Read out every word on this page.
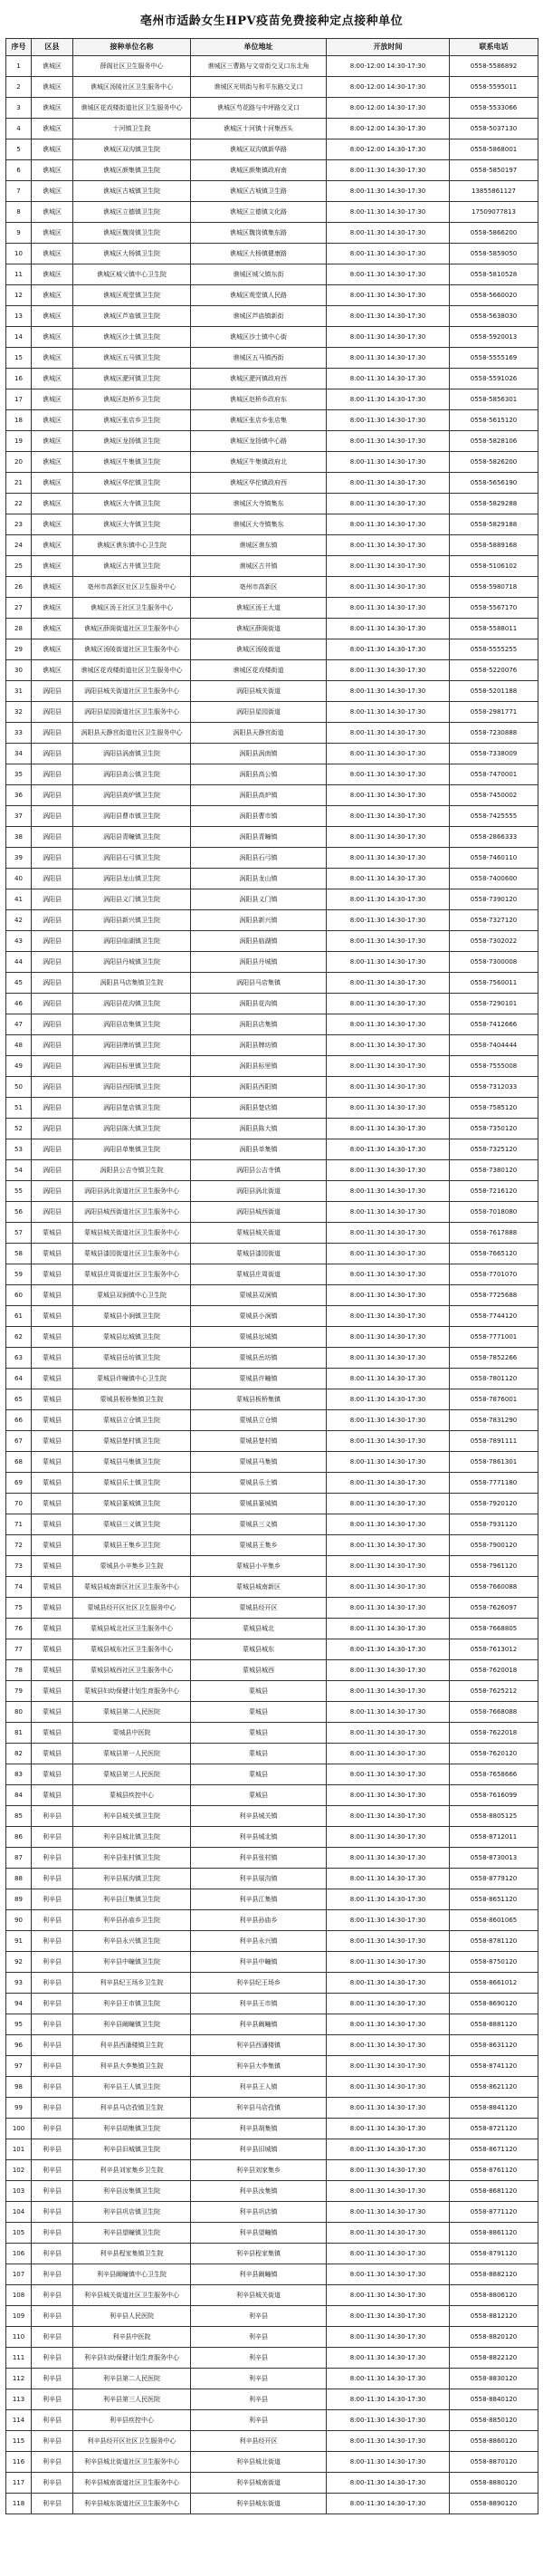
亳州市适龄女生HPV疫苗免费接种定点接种单位
序号	区县	接种单位名称	单位地址	开放时间	联系电话
1	谯城区	薛阁社区卫生服务中心	谯城区三曹路与文帝街交叉口东北角	8:00-12:00 14:30-17:30	0558-5586892
2	谯城区	谯城区汤陵社区卫生服务中心	谯城区光明街与和平东路交叉口	8:00-12:00 14:30-17:30	0558-5595011
3	谯城区	谯城区花戏楼街道社区卫生服务中心	谯城区芍花路与中坪路交叉口	8:00-12:00 14:30-17:30	0558-5533066
4	谯城区	十河镇卫生院	谯城区十河镇十河集西头	8:00-12:00 14:30-17:30	0558-5037130
5	谯城区	谯城区双沟镇卫生院	谯城区双沟镇新华路	8:00-12:00 14:30-17:30	0558-5868001
6	谯城区	谯城区颜集镇卫生院	谯城区颜集镇政府南	8:00-11:30 14:30-17:30	0558-5850197
7	谯城区	谯城区古城镇卫生院	谯城区古城镇卫生路	8:00-11:30 14:30-17:30	13855861127
8	谯城区	谯城区立德镇卫生院	谯城区立德镇文化路	8:00-11:30 14:30-17:30	17509077813
9	谯城区	谯城区魏岗镇卫生院	谯城区魏岗镇集东路	8:00-11:30 14:30-17:30	0558-5866200
10	谯城区	谯城区大杨镇卫生院	谯城区大杨镇健康路	8:00-11:30 14:30-17:30	0558-5859050
11	谯城区	谯城区城父镇中心卫生院	谯城区城父镇东街	8:00-11:30 14:30-17:30	0558-5810528
12	谯城区	谯城区观堂镇卫生院	谯城区观堂镇人民路	8:00-11:30 14:30-17:30	0558-5660020
13	谯城区	谯城区芦庙镇卫生院	谯城区芦庙镇新街	8:00-11:30 14:30-17:30	0558-5638030
14	谯城区	谯城区沙土镇卫生院	谯城区沙土镇中心街	8:00-11:30 14:30-17:30	0558-5920013
15	谯城区	谯城区五马镇卫生院	谯城区五马镇西街	8:00-11:30 14:30-17:30	0558-5555169
16	谯城区	谯城区淝河镇卫生院	谯城区淝河镇政府西	8:00-11:30 14:30-17:30	0558-5591026
17	谯城区	谯城区赵桥乡卫生院	谯城区赵桥乡政府东	8:00-11:30 14:30-17:30	0558-5856301
18	谯城区	谯城区张店乡卫生院	谯城区张店乡张店集	8:00-11:30 14:30-17:30	0558-5615120
19	谯城区	谯城区龙扬镇卫生院	谯城区龙扬镇中心路	8:00-11:30 14:30-17:30	0558-5828106
20	谯城区	谯城区牛集镇卫生院	谯城区牛集镇政府北	8:00-11:30 14:30-17:30	0558-5826200
21	谯城区	谯城区华佗镇卫生院	谯城区华佗镇政府西	8:00-11:30 14:30-17:30	0558-5656190
22	谯城区	谯城区大寺镇卫生院	谯城区大寺镇集东	8:00-11:30 14:30-17:30	0558-5829288
23	谯城区	谯城区大寺镇卫生院	谯城区大寺镇集东	8:00-11:30 14:30-17:30	0558-5829188
24	谯城区	谯城区谯东镇中心卫生院	谯城区谯东镇	8:00-11:30 14:30-17:30	0558-5889168
25	谯城区	谯城区古井镇卫生院	谯城区古井镇	8:00-11:30 14:30-17:30	0558-5106102
26	谯城区	亳州市高新区社区卫生服务中心	亳州市高新区	8:00-11:30 14:30-17:30	0558-5980718
27	谯城区	谯城区汤王社区卫生服务中心	谯城区汤王大道	8:00-11:30 14:30-17:30	0558-5567170
28	谯城区	谯城区薛阁街道社区卫生服务中心	谯城区薛阁街道	8:00-11:30 14:30-17:30	0558-5588011
29	谯城区	谯城区汤陵街道社区卫生服务中心	谯城区汤陵街道	8:00-11:30 14:30-17:30	0558-5555255
30	谯城区	谯城区花戏楼街道社区卫生服务中心	谯城区花戏楼街道	8:00-11:30 14:30-17:30	0558-5220076
31	涡阳县	涡阳县城关街道社区卫生服务中心	涡阳县城关街道	8:00-11:30 14:30-17:30	0558-5201188
32	涡阳县	涡阳县星园街道社区卫生服务中心	涡阳县星园街道	8:00-11:30 14:30-17:30	0558-2981771
33	涡阳县	涡阳县天静宫街道社区卫生服务中心	涡阳县天静宫街道	8:00-11:30 14:30-17:30	0558-7230888
34	涡阳县	涡阳县涡南镇卫生院	涡阳县涡南镇	8:00-11:30 14:30-17:30	0558-7338009
35	涡阳县	涡阳县高公镇卫生院	涡阳县高公镇	8:00-11:30 14:30-17:30	0558-7470001
36	涡阳县	涡阳县高炉镇卫生院	涡阳县高炉镇	8:00-11:30 14:30-17:30	0558-7450002
37	涡阳县	涡阳县曹市镇卫生院	涡阳县曹市镇	8:00-11:30 14:30-17:30	0558-7425555
38	涡阳县	涡阳县青疃镇卫生院	涡阳县青疃镇	8:00-11:30 14:30-17:30	0558-2866333
39	涡阳县	涡阳县石弓镇卫生院	涡阳县石弓镇	8:00-11:30 14:30-17:30	0558-7460110
40	涡阳县	涡阳县龙山镇卫生院	涡阳县龙山镇	8:00-11:30 14:30-17:30	0558-7400600
41	涡阳县	涡阳县义门镇卫生院	涡阳县义门镇	8:00-11:30 14:30-17:30	0558-7390120
42	涡阳县	涡阳县新兴镇卫生院	涡阳县新兴镇	8:00-11:30 14:30-17:30	0558-7327120
43	涡阳县	涡阳县临湖镇卫生院	涡阳县临湖镇	8:00-11:30 14:30-17:30	0558-7302022
44	涡阳县	涡阳县丹城镇卫生院	涡阳县丹城镇	8:00-11:30 14:30-17:30	0558-7300008
45	涡阳县	涡阳县马店集镇卫生院	涡阳县马店集镇	8:00-11:30 14:30-17:30	0558-7560011
46	涡阳县	涡阳县花沟镇卫生院	涡阳县花沟镇	8:00-11:30 14:30-17:30	0558-7290101
47	涡阳县	涡阳县店集镇卫生院	涡阳县店集镇	8:00-11:30 14:30-17:30	0558-7412666
48	涡阳县	涡阳县牌坊镇卫生院	涡阳县牌坊镇	8:00-11:30 14:30-17:30	0558-7404444
49	涡阳县	涡阳县标里镇卫生院	涡阳县标里镇	8:00-11:30 14:30-17:30	0558-7555008
50	涡阳县	涡阳县西阳镇卫生院	涡阳县西阳镇	8:00-11:30 14:30-17:30	0558-7312033
51	涡阳县	涡阳县楚店镇卫生院	涡阳县楚店镇	8:00-11:30 14:30-17:30	0558-7585120
52	涡阳县	涡阳县陈大镇卫生院	涡阳县陈大镇	8:00-11:30 14:30-17:30	0558-7350120
53	涡阳县	涡阳县单集镇卫生院	涡阳县单集镇	8:00-11:30 14:30-17:30	0558-7325120
54	涡阳县	涡阳县公吉寺镇卫生院	涡阳县公吉寺镇	8:00-11:30 14:30-17:30	0558-7380120
55	涡阳县	涡阳县涡北街道社区卫生服务中心	涡阳县涡北街道	8:00-11:30 14:30-17:30	0558-7216120
56	涡阳县	涡阳县城西街道社区卫生服务中心	涡阳县城西街道	8:00-11:30 14:30-17:30	0558-7018080
57	蒙城县	蒙城县城关街道社区卫生服务中心	蒙城县城关街道	8:00-11:30 14:30-17:30	0558-7617888
58	蒙城县	蒙城县漆园街道社区卫生服务中心	蒙城县漆园街道	8:00-11:30 14:30-17:30	0558-7665120
59	蒙城县	蒙城县庄周街道社区卫生服务中心	蒙城县庄周街道	8:00-11:30 14:30-17:30	0558-7701070
60	蒙城县	蒙城县双涧镇中心卫生院	蒙城县双涧镇	8:00-11:30 14:30-17:30	0558-7725688
61	蒙城县	蒙城县小涧镇卫生院	蒙城县小涧镇	8:00-11:30 14:30-17:30	0558-7744120
62	蒙城县	蒙城县坛城镇卫生院	蒙城县坛城镇	8:00-11:30 14:30-17:30	0558-7771001
63	蒙城县	蒙城县岳坊镇卫生院	蒙城县岳坊镇	8:00-11:30 14:30-17:30	0558-7852266
64	蒙城县	蒙城县许疃镇中心卫生院	蒙城县许疃镇	8:00-11:30 14:30-17:30	0558-7801120
65	蒙城县	蒙城县板桥集镇卫生院	蒙城县板桥集镇	8:00-11:30 14:30-17:30	0558-7876001
66	蒙城县	蒙城县立仓镇卫生院	蒙城县立仓镇	8:00-11:30 14:30-17:30	0558-7831290
67	蒙城县	蒙城县楚村镇卫生院	蒙城县楚村镇	8:00-11:30 14:30-17:30	0558-7891111
68	蒙城县	蒙城县马集镇卫生院	蒙城县马集镇	8:00-11:30 14:30-17:30	0558-7861301
69	蒙城县	蒙城县乐土镇卫生院	蒙城县乐土镇	8:00-11:30 14:30-17:30	0558-7771180
70	蒙城县	蒙城县篆城镇卫生院	蒙城县篆城镇	8:00-11:30 14:30-17:30	0558-7920120
71	蒙城县	蒙城县三义镇卫生院	蒙城县三义镇	8:00-11:30 14:30-17:30	0558-7931120
72	蒙城县	蒙城县王集乡卫生院	蒙城县王集乡	8:00-11:30 14:30-17:30	0558-7900120
73	蒙城县	蒙城县小辛集乡卫生院	蒙城县小辛集乡	8:00-11:30 14:30-17:30	0558-7961120
74	蒙城县	蒙城县城南新区社区卫生服务中心	蒙城县城南新区	8:00-11:30 14:30-17:30	0558-7660088
75	蒙城县	蒙城县经开区社区卫生服务中心	蒙城县经开区	8:00-11:30 14:30-17:30	0558-7626097
76	蒙城县	蒙城县城北社区卫生服务中心	蒙城县城北	8:00-11:30 14:30-17:30	0558-7668805
77	蒙城县	蒙城县城东社区卫生服务中心	蒙城县城东	8:00-11:30 14:30-17:30	0558-7613012
78	蒙城县	蒙城县城西社区卫生服务中心	蒙城县城西	8:00-11:30 14:30-17:30	0558-7620018
79	蒙城县	蒙城县妇幼保健计划生育服务中心	蒙城县	8:00-11:30 14:30-17:30	0558-7625212
80	蒙城县	蒙城县第二人民医院	蒙城县	8:00-11:30 14:30-17:30	0558-7668088
81	蒙城县	蒙城县中医院	蒙城县	8:00-11:30 14:30-17:30	0558-7622018
82	蒙城县	蒙城县第一人民医院	蒙城县	8:00-11:30 14:30-17:30	0558-7620120
83	蒙城县	蒙城县第三人民医院	蒙城县	8:00-11:30 14:30-17:30	0558-7658666
84	蒙城县	蒙城县疾控中心	蒙城县	8:00-11:30 14:30-17:30	0558-7616099
85	利辛县	利辛县城关镇卫生院	利辛县城关镇	8:00-11:30 14:30-17:30	0558-8805125
86	利辛县	利辛县城北镇卫生院	利辛县城北镇	8:00-11:30 14:30-17:30	0558-8712011
87	利辛县	利辛县张村镇卫生院	利辛县张村镇	8:00-11:30 14:30-17:30	0558-8730013
88	利辛县	利辛县展沟镇卫生院	利辛县展沟镇	8:00-11:30 14:30-17:30	0558-8779120
89	利辛县	利辛县江集镇卫生院	利辛县江集镇	8:00-11:30 14:30-17:30	0558-8651120
90	利辛县	利辛县孙庙乡卫生院	利辛县孙庙乡	8:00-11:30 14:30-17:30	0558-8601065
91	利辛县	利辛县永兴镇卫生院	利辛县永兴镇	8:00-11:30 14:30-17:30	0558-8781120
92	利辛县	利辛县中疃镇卫生院	利辛县中疃镇	8:00-11:30 14:30-17:30	0558-8750120
93	利辛县	利辛县纪王场乡卫生院	利辛县纪王场乡	8:00-11:30 14:30-17:30	0558-8661012
94	利辛县	利辛县王市镇卫生院	利辛县王市镇	8:00-11:30 14:30-17:30	0558-8690120
95	利辛县	利辛县阚疃镇卫生院	利辛县阚疃镇	8:00-11:30 14:30-17:30	0558-8881120
96	利辛县	利辛县西潘楼镇卫生院	利辛县西潘楼镇	8:00-11:30 14:30-17:30	0558-8631120
97	利辛县	利辛县大李集镇卫生院	利辛县大李集镇	8:00-11:30 14:30-17:30	0558-8741120
98	利辛县	利辛县王人镇卫生院	利辛县王人镇	8:00-11:30 14:30-17:30	0558-8621120
99	利辛县	利辛县马店孜镇卫生院	利辛县马店孜镇	8:00-11:30 14:30-17:30	0558-8841120
100	利辛县	利辛县胡集镇卫生院	利辛县胡集镇	8:00-11:30 14:30-17:30	0558-8721120
101	利辛县	利辛县旧城镇卫生院	利辛县旧城镇	8:00-11:30 14:30-17:30	0558-8671120
102	利辛县	利辛县刘家集乡卫生院	利辛县刘家集乡	8:00-11:30 14:30-17:30	0558-8761120
103	利辛县	利辛县汝集镇卫生院	利辛县汝集镇	8:00-11:30 14:30-17:30	0558-8681120
104	利辛县	利辛县巩店镇卫生院	利辛县巩店镇	8:00-11:30 14:30-17:30	0558-8771120
105	利辛县	利辛县望疃镇卫生院	利辛县望疃镇	8:00-11:30 14:30-17:30	0558-8861120
106	利辛县	利辛县程家集镇卫生院	利辛县程家集镇	8:00-11:30 14:30-17:30	0558-8791120
107	利辛县	利辛县阚疃镇中心卫生院	利辛县阚疃镇	8:00-11:30 14:30-17:30	0558-8882120
108	利辛县	利辛县城关街道社区卫生服务中心	利辛县城关街道	8:00-11:30 14:30-17:30	0558-8806120
109	利辛县	利辛县人民医院	利辛县	8:00-11:30 14:30-17:30	0558-8812120
110	利辛县	利辛县中医院	利辛县	8:00-11:30 14:30-17:30	0558-8820120
111	利辛县	利辛县妇幼保健计划生育服务中心	利辛县	8:00-11:30 14:30-17:30	0558-8822120
112	利辛县	利辛县第二人民医院	利辛县	8:00-11:30 14:30-17:30	0558-8830120
113	利辛县	利辛县第三人民医院	利辛县	8:00-11:30 14:30-17:30	0558-8840120
114	利辛县	利辛县疾控中心	利辛县	8:00-11:30 14:30-17:30	0558-8850120
115	利辛县	利辛县经开区社区卫生服务中心	利辛县经开区	8:00-11:30 14:30-17:30	0558-8860120
116	利辛县	利辛县城北街道社区卫生服务中心	利辛县城北街道	8:00-11:30 14:30-17:30	0558-8870120
117	利辛县	利辛县城南街道社区卫生服务中心	利辛县城南街道	8:00-11:30 14:30-17:30	0558-8880120
118	利辛县	利辛县城东街道社区卫生服务中心	利辛县城东街道	8:00-11:30 14:30-17:30	0558-8890120
